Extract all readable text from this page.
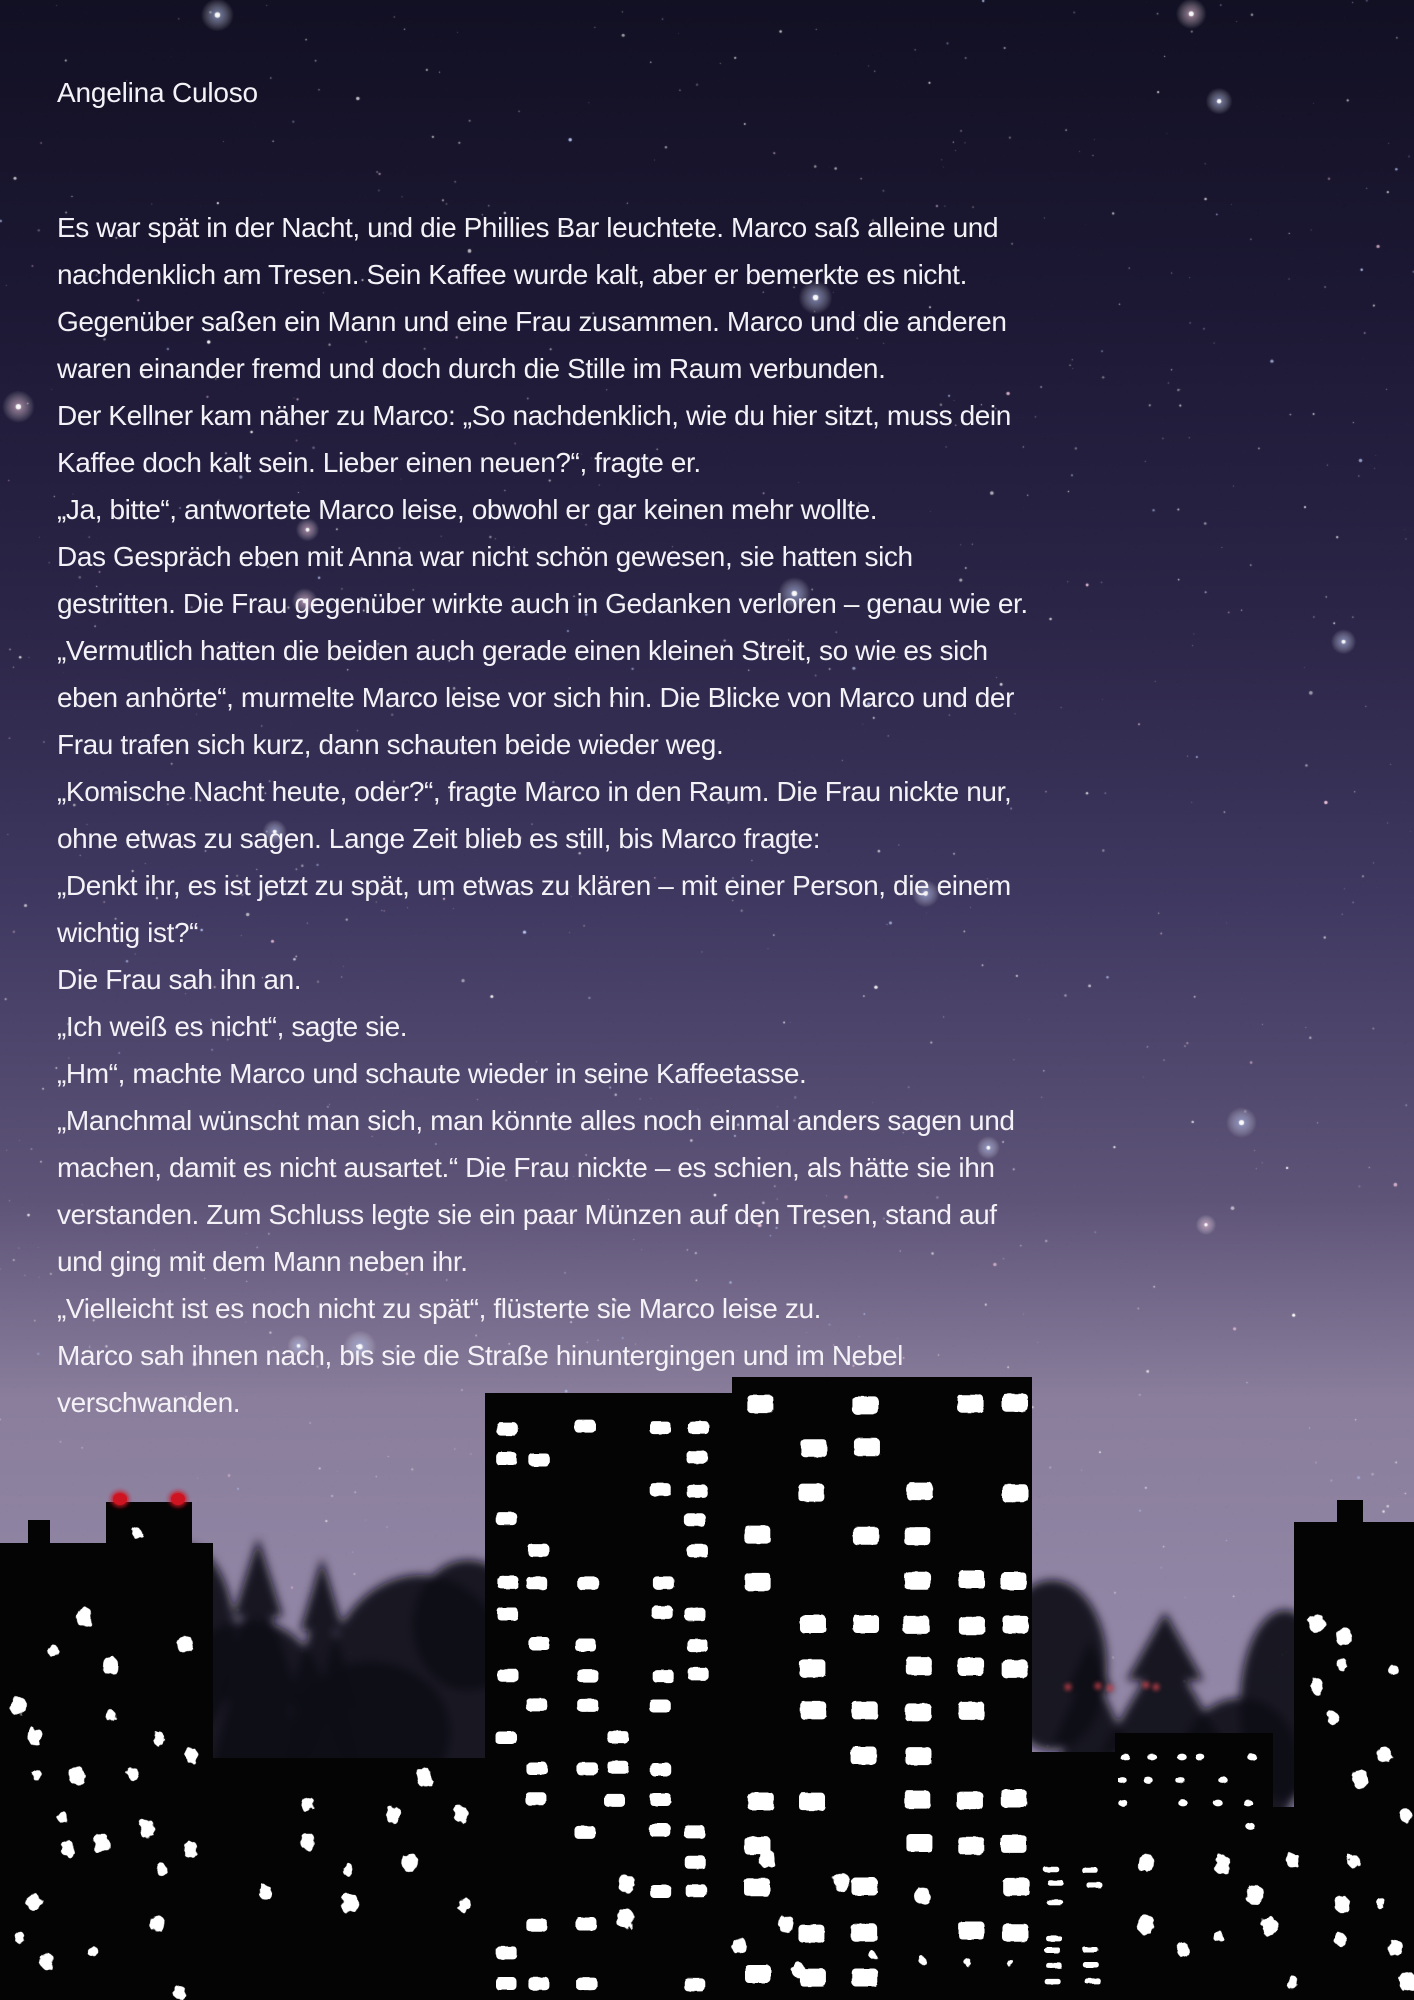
Angelina Culoso
Es war spät in der Nacht, und die Phillies Bar leuchtete. Marco saß alleine und
nachdenklich am Tresen. Sein Kaffee wurde kalt, aber er bemerkte es nicht.
Gegenüber saßen ein Mann und eine Frau zusammen. Marco und die anderen
waren einander fremd und doch durch die Stille im Raum verbunden.
Der Kellner kam näher zu Marco: „So nachdenklich, wie du hier sitzt, muss dein
Kaffee doch kalt sein. Lieber einen neuen?“, fragte er.
„Ja, bitte“, antwortete Marco leise, obwohl er gar keinen mehr wollte.
Das Gespräch eben mit Anna war nicht schön gewesen, sie hatten sich
gestritten. Die Frau gegenüber wirkte auch in Gedanken verloren – genau wie er.
„Vermutlich hatten die beiden auch gerade einen kleinen Streit, so wie es sich
eben anhörte“, murmelte Marco leise vor sich hin. Die Blicke von Marco und der
Frau trafen sich kurz, dann schauten beide wieder weg.
„Komische Nacht heute, oder?“, fragte Marco in den Raum. Die Frau nickte nur,
ohne etwas zu sagen. Lange Zeit blieb es still, bis Marco fragte:
„Denkt ihr, es ist jetzt zu spät, um etwas zu klären – mit einer Person, die einem
wichtig ist?“
Die Frau sah ihn an.
„Ich weiß es nicht“, sagte sie.
„Hm“, machte Marco und schaute wieder in seine Kaffeetasse.
„Manchmal wünscht man sich, man könnte alles noch einmal anders sagen und
machen, damit es nicht ausartet.“ Die Frau nickte – es schien, als hätte sie ihn
verstanden. Zum Schluss legte sie ein paar Münzen auf den Tresen, stand auf
und ging mit dem Mann neben ihr.
„Vielleicht ist es noch nicht zu spät“, flüsterte sie Marco leise zu.
Marco sah ihnen nach, bis sie die Straße hinuntergingen und im Nebel
verschwanden.
